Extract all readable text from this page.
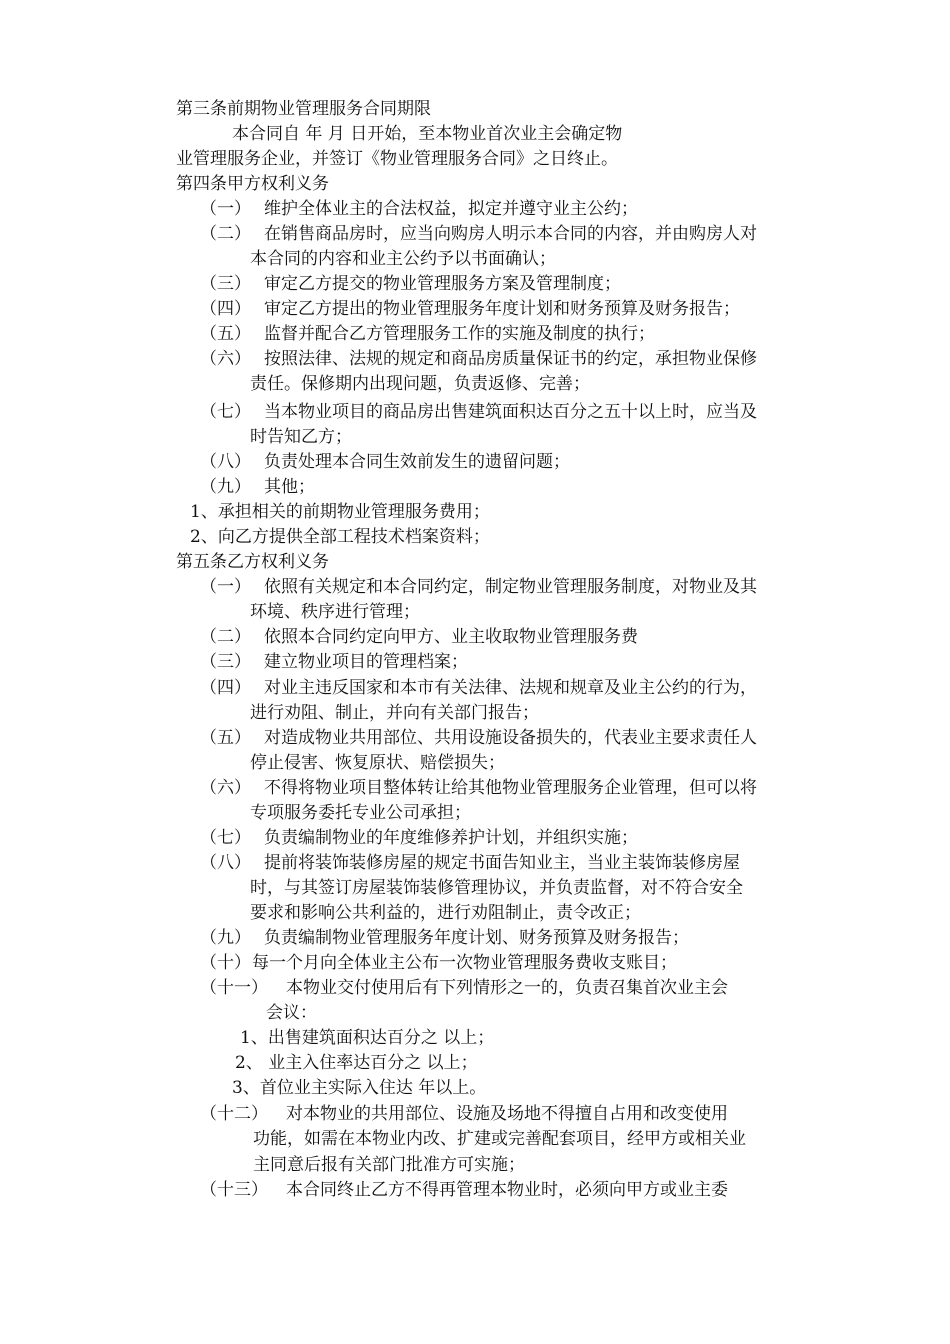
第三条前期物业管理服务合同期限
本合同自 年 月 日开始，至本物业首次业主会确定物
业管理服务企业，并签订《物业管理服务合同》之日终止。
第四条甲方权利义务
（一） 维护全体业主的合法权益，拟定并遵守业主公约；
（二） 在销售商品房时，应当向购房人明示本合同的内容，并由购房人对
本合同的内容和业主公约予以书面确认；
（三） 审定乙方提交的物业管理服务方案及管理制度；
（四） 审定乙方提出的物业管理服务年度计划和财务预算及财务报告；
（五） 监督并配合乙方管理服务工作的实施及制度的执行；
（六） 按照法律、法规的规定和商品房质量保证书的约定，承担物业保修
责任。保修期内出现问题，负责返修、完善；
（七） 当本物业项目的商品房出售建筑面积达百分之五十以上时，应当及
时告知乙方；
（八） 负责处理本合同生效前发生的遗留问题；
（九） 其他；
1、承担相关的前期物业管理服务费用；
2、向乙方提供全部工程技术档案资料；
第五条乙方权利义务
（一） 依照有关规定和本合同约定，制定物业管理服务制度，对物业及其
环境、秩序进行管理；
（二） 依照本合同约定向甲方、业主收取物业管理服务费
（三） 建立物业项目的管理档案；
（四） 对业主违反国家和本市有关法律、法规和规章及业主公约的行为，
进行劝阻、制止，并向有关部门报告；
（五） 对造成物业共用部位、共用设施设备损失的，代表业主要求责任人
停止侵害、恢复原状、赔偿损失；
（六） 不得将物业项目整体转让给其他物业管理服务企业管理，但可以将
专项服务委托专业公司承担；
（七） 负责编制物业的年度维修养护计划，并组织实施；
（八） 提前将装饰装修房屋的规定书面告知业主，当业主装饰装修房屋
时，与其签订房屋装饰装修管理协议，并负责监督，对不符合安全
要求和影响公共利益的，进行劝阻制止，责令改正；
（九） 负责编制物业管理服务年度计划、财务预算及财务报告；
（十）每一个月向全体业主公布一次物业管理服务费收支账目；
（十一） 本物业交付使用后有下列情形之一的，负责召集首次业主会
会议：
1、出售建筑面积达百分之 以上；
2、 业主入住率达百分之 以上；
3、首位业主实际入住达 年以上。
（十二） 对本物业的共用部位、设施及场地不得擅自占用和改变使用
功能，如需在本物业内改、扩建或完善配套项目，经甲方或相关业
主同意后报有关部门批准方可实施；
（十三） 本合同终止乙方不得再管理本物业时，必须向甲方或业主委
